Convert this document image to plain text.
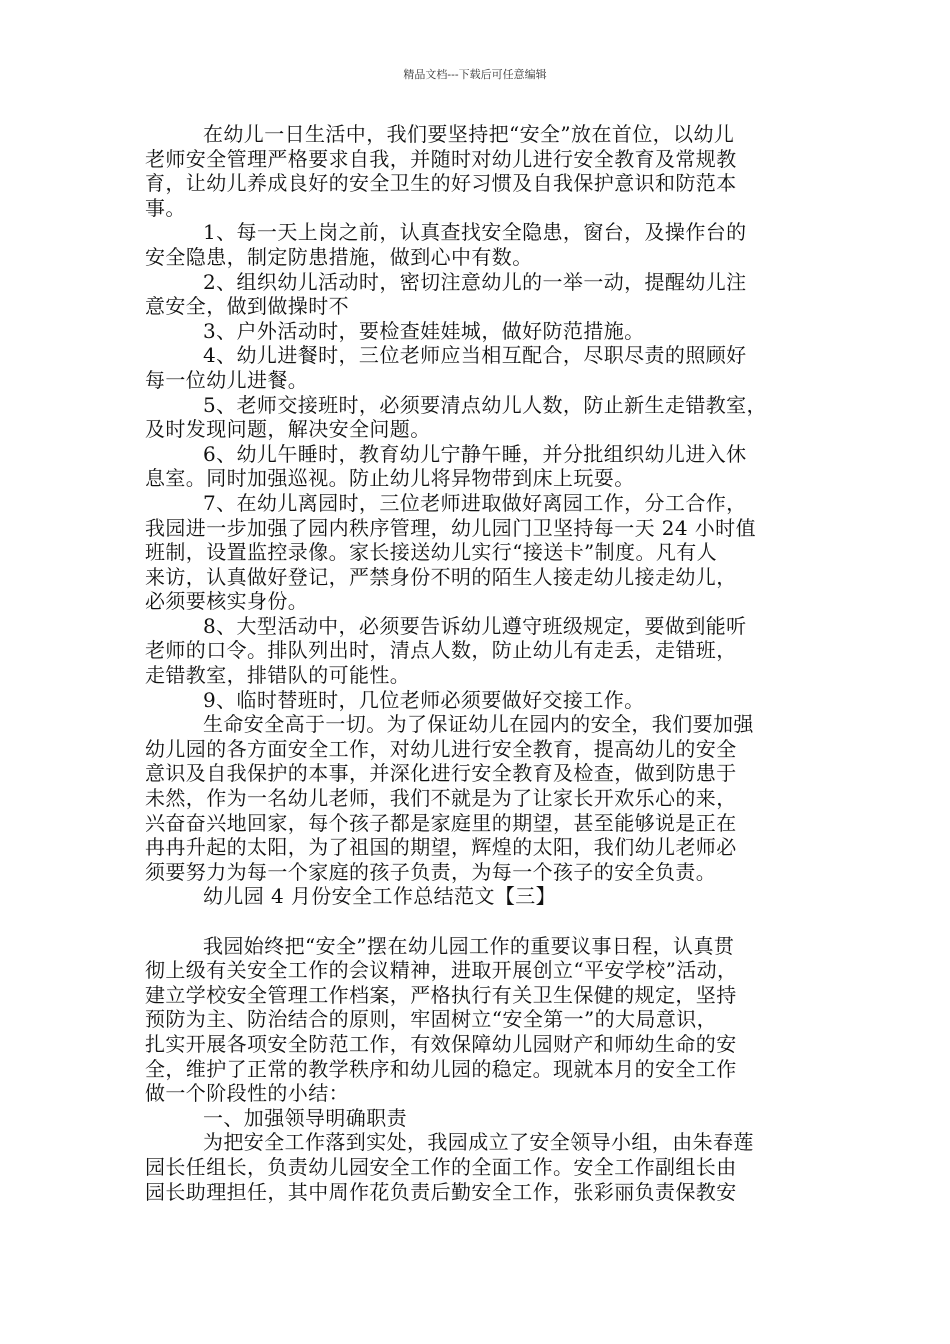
精品文档---下载后可任意编辑
在幼儿一日生活中，我们要坚持把“安全”放在首位，以幼儿
老师安全管理严格要求自我，并随时对幼儿进行安全教育及常规教
育，让幼儿养成良好的安全卫生的好习惯及自我保护意识和防范本
事。
1、每一天上岗之前，认真查找安全隐患，窗台，及操作台的
安全隐患，制定防患措施，做到心中有数。
2、组织幼儿活动时，密切注意幼儿的一举一动，提醒幼儿注
意安全，做到做操时不
3、户外活动时，要检查娃娃城，做好防范措施。
4、幼儿进餐时，三位老师应当相互配合，尽职尽责的照顾好
每一位幼儿进餐。
5、老师交接班时，必须要清点幼儿人数，防止新生走错教室，
及时发现问题，解决安全问题。
6、幼儿午睡时，教育幼儿宁静午睡，并分批组织幼儿进入休
息室。同时加强巡视。防止幼儿将异物带到床上玩耍。
7、在幼儿离园时，三位老师进取做好离园工作，分工合作，
我园进一步加强了园内秩序管理，幼儿园门卫坚持每一天 24 小时值
班制，设置监控录像。家长接送幼儿实行“接送卡”制度。凡有人
来访，认真做好登记，严禁身份不明的陌生人接走幼儿接走幼儿，
必须要核实身份。
8、大型活动中，必须要告诉幼儿遵守班级规定，要做到能听
老师的口令。排队列出时，清点人数，防止幼儿有走丢，走错班，
走错教室，排错队的可能性。
9、临时替班时，几位老师必须要做好交接工作。
生命安全高于一切。为了保证幼儿在园内的安全，我们要加强
幼儿园的各方面安全工作，对幼儿进行安全教育，提高幼儿的安全
意识及自我保护的本事，并深化进行安全教育及检查，做到防患于
未然，作为一名幼儿老师，我们不就是为了让家长开欢乐心的来，
兴奋奋兴地回家，每个孩子都是家庭里的期望，甚至能够说是正在
冉冉升起的太阳，为了祖国的期望，辉煌的太阳，我们幼儿老师必
须要努力为每一个家庭的孩子负责，为每一个孩子的安全负责。
幼儿园 4 月份安全工作总结范文【三】
我园始终把“安全”摆在幼儿园工作的重要议事日程，认真贯
彻上级有关安全工作的会议精神，进取开展创立“平安学校”活动，
建立学校安全管理工作档案，严格执行有关卫生保健的规定，坚持
预防为主、防治结合的原则，牢固树立“安全第一”的大局意识，
扎实开展各项安全防范工作，有效保障幼儿园财产和师幼生命的安
全，维护了正常的教学秩序和幼儿园的稳定。现就本月的安全工作
做一个阶段性的小结：
一、加强领导明确职责
为把安全工作落到实处，我园成立了安全领导小组，由朱春莲
园长任组长，负责幼儿园安全工作的全面工作。安全工作副组长由
园长助理担任，其中周作花负责后勤安全工作，张彩丽负责保教安
